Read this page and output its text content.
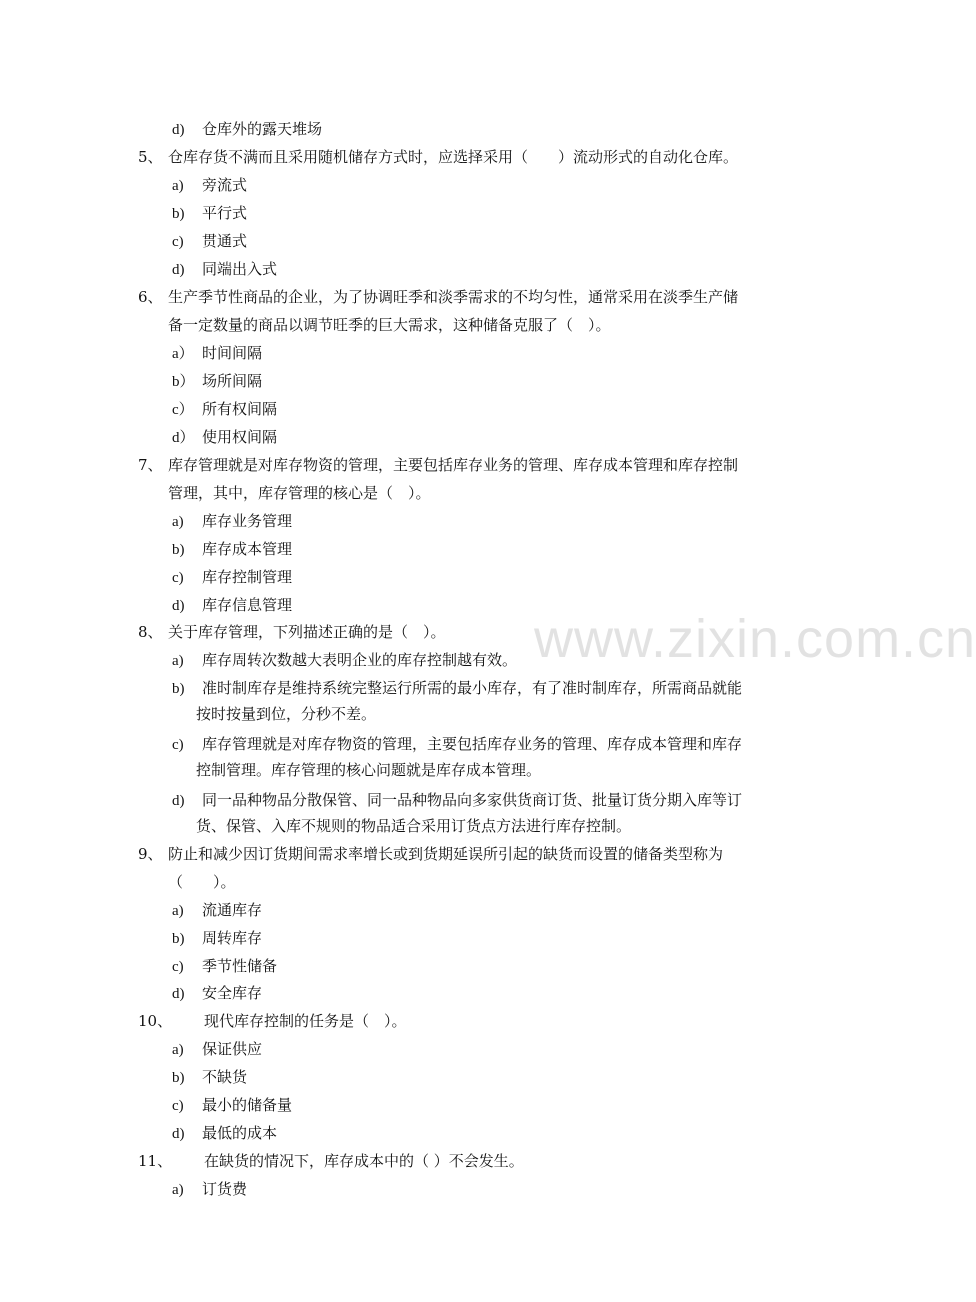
www.zixin.com.cn
d) 仓库外的露天堆场
5、 仓库存货不满而且采用随机储存方式时，应选择采用（　　）流动形式的自动化仓库。
a) 旁流式
b) 平行式
c) 贯通式
d) 同端出入式
6、 生产季节性商品的企业，为了协调旺季和淡季需求的不均匀性，通常采用在淡季生产储
备一定数量的商品以调节旺季的巨大需求，这种储备克服了（　）。
a） 时间间隔
b） 场所间隔
c） 所有权间隔
d） 使用权间隔
7、 库存管理就是对库存物资的管理，主要包括库存业务的管理、库存成本管理和库存控制
管理，其中，库存管理的核心是（　）。
a) 库存业务管理
b) 库存成本管理
c) 库存控制管理
d) 库存信息管理
8、 关于库存管理，下列描述正确的是（　）。
a) 库存周转次数越大表明企业的库存控制越有效。
b) 准时制库存是维持系统完整运行所需的最小库存，有了准时制库存，所需商品就能
按时按量到位，分秒不差。
c) 库存管理就是对库存物资的管理，主要包括库存业务的管理、库存成本管理和库存
控制管理。库存管理的核心问题就是库存成本管理。
d) 同一品种物品分散保管、同一品种物品向多家供货商订货、批量订货分期入库等订
货、保管、入库不规则的物品适合采用订货点方法进行库存控制。
9、 防止和减少因订货期间需求率增长或到货期延误所引起的缺货而设置的储备类型称为
（　　）。
a) 流通库存
b) 周转库存
c) 季节性储备
d) 安全库存
10、 现代库存控制的任务是（　）。
a) 保证供应
b) 不缺货
c) 最小的储备量
d) 最低的成本
11、 在缺货的情况下，库存成本中的（ ）不会发生。
a) 订货费
